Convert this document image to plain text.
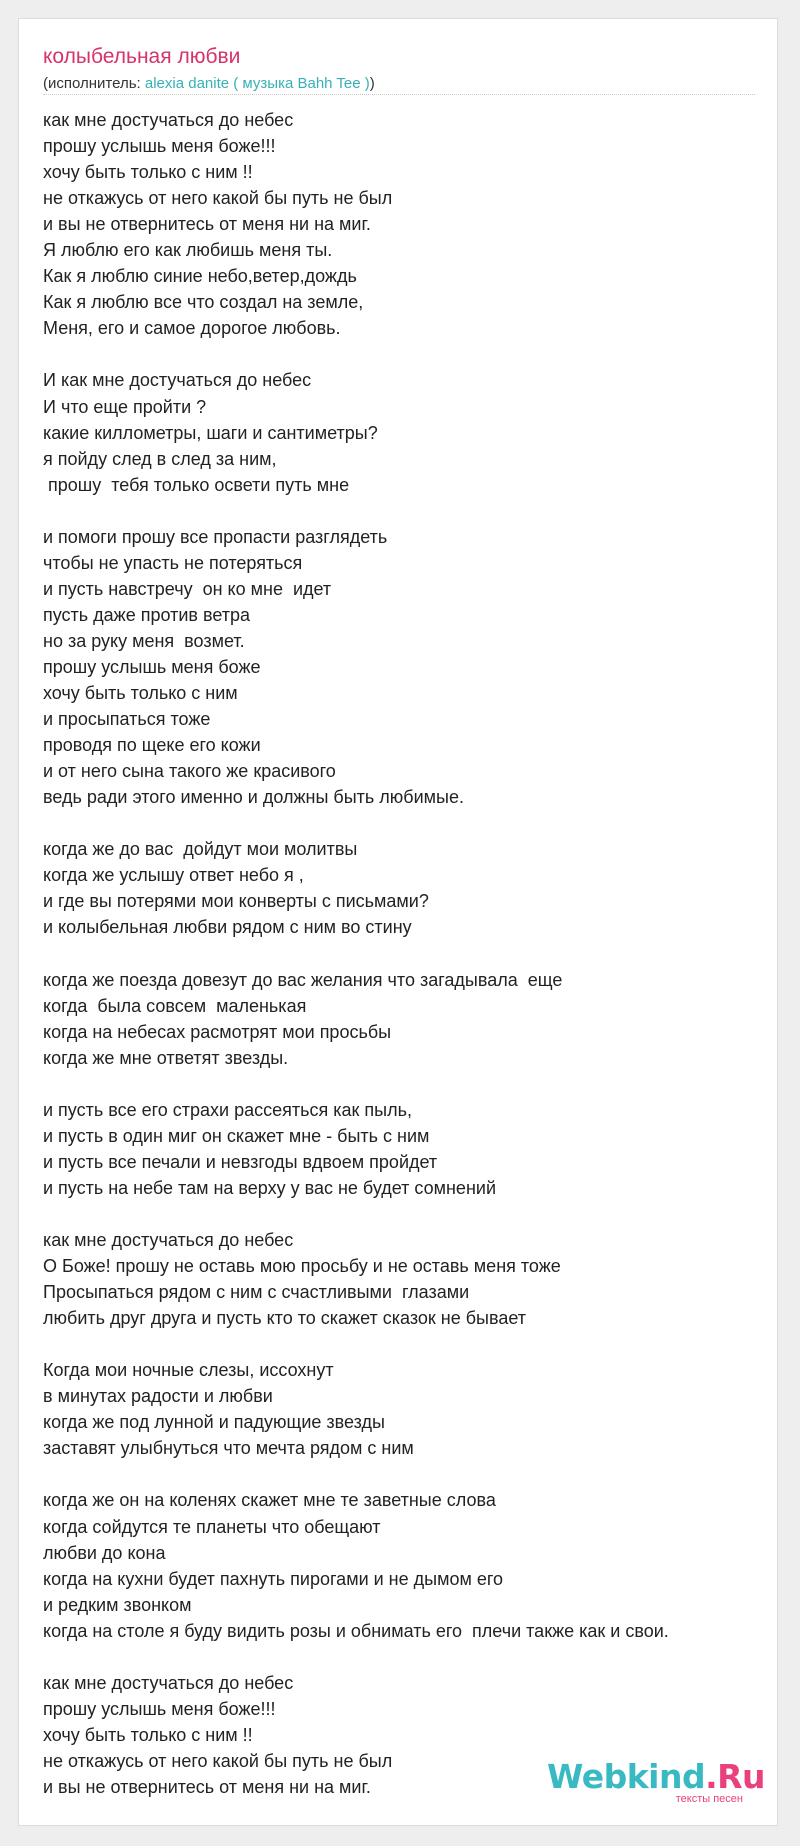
колыбельная любви
(исполнитель: alexia danite ( музыка Bahh Tee ))
как мне достучаться до небес
прошу услышь меня боже!!!
хочу быть только с ним !!
не откажусь от него какой бы путь не был
и вы не отвернитесь от меня ни на миг.
Я люблю его как любишь меня ты.
Как я люблю синие небо,ветер,дождь
Как я люблю все что создал на земле,
Меня, его и самое дорогое любовь.
И как мне достучаться до небес
И что еще пройти ?
какие киллометры, шаги и сантиметры?
я пойду след в след за ним,
прошу  тебя только освети путь мне
и помоги прошу все пропасти разглядеть
чтобы не упасть не потеряться
и пусть навстречу  он ко мне  идет
пусть даже против ветра
но за руку меня  возмет.
прошу услышь меня боже
хочу быть только с ним
и просыпаться тоже
проводя по щеке его кожи
и от него сына такого же красивого
ведь ради этого именно и должны быть любимые.
когда же до вас  дойдут мои молитвы
когда же услышу ответ небо я ,
и где вы потерями мои конверты с письмами?
и колыбельная любви рядом с ним во стину
когда же поезда довезут до вас желания что загадывала  еще
когда  была совсем  маленькая
когда на небесах расмотрят мои просьбы
когда же мне ответят звезды.
и пусть все его страхи рассеяться как пыль,
и пусть в один миг он скажет мне - быть с ним
и пусть все печали и невзгоды вдвоем пройдет
и пусть на небе там на верху у вас не будет сомнений
как мне достучаться до небес
О Боже! прошу не оставь мою просьбу и не оставь меня тоже
Просыпаться рядом с ним с счастливыми  глазами
любить друг друга и пусть кто то скажет сказок не бывает
Когда мои ночные слезы, иссохнут
в минутах радости и любви
когда же под лунной и падующие звезды
заставят улыбнуться что мечта рядом с ним
когда же он на коленях скажет мне те заветные слова
когда сойдутся те планеты что обещают
любви до кона
когда на кухни будет пахнуть пирогами и не дымом его
и редким звонком
когда на столе я буду видить розы и обнимать его  плечи также как и свои.
как мне достучаться до небес
прошу услышь меня боже!!!
хочу быть только с ним !!
не откажусь от него какой бы путь не был
и вы не отвернитесь от меня ни на миг.	Webkind.Ru
тексты песен
